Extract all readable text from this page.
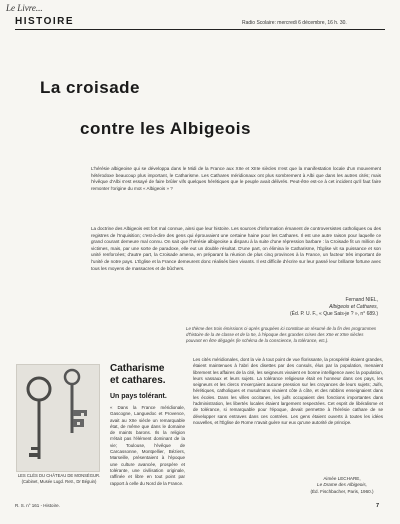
Le Livre...
HISTOIRE	Radio Scolaire: mercredi 6 décembre, 16 h. 30.
La croisade
contre les Albigeois
L'hérésie albigeoise qui se développa dans le Midi de la France aux XIIe et XIIIe siècles n'est que la manifestation locale d'un mouvement hétérodoxe beaucoup plus important, le Catharisme. Les Cathares méridionaux ont plus sombrement à Albi que dans les autres cités; mais l'évêque d'Albi s'est essayé de faire brûler vifs quelques hérétiques que le peuple avait délivrés. Peut-être est-ce à cet incident qu'il faut faire remonter l'origine du mot « Albigeois » ?
La doctrine des Albigeois est fort mal connue, ainsi que leur histoire. Les sources d'information émanent de controversistes catholiques ou des registres de l'Inquisition; c'est-à-dire des gens qui éprouvaient une certaine haine pour les Cathares. Il est une autre raison pour laquelle ce grand courant demeure mal connu. On sait que l'hérésie albigeoise a disparu à la suite d'une répression barbare : la Croisade fit un million de victimes, mais, par une sorte de paradoxe, elle eut un double résultat. D'une part, on élimina le Catharisme, l'Église vit sa puissance et son unité renforcées; d'autre part, la Croisade amena, en préparant la réunion de plus cinq provinces à la France, un facteur très important de l'unité de notre pays. L'Église et la France demeurent donc réalisés bien vivants. Il est difficile d'écrire sur leur passé leur brillante fortune avec tous les moyens de massacres et de bûchers.
Fernand NIEL,
Albigeois et Cathares,
(Éd. P. U. F., « Que Sais-je ? », n° 689.)
Le thème des trois émissions ci-après groupées ici constitue un résumé de la fin des programmes d'histoire de la 4e classe et de la 5e, à l'époque des grandes crises des XIIe et XIIIe siècles pouvant en être dégagés (le schéma de la conscience, la tolérance, etc.).
LES CLÉS DU CHÂTEAU DE MONSÉGUR.
(Cabinet, Musée Lugd. Retr., Dr Béguin)
Catharisme
et cathares.
Un pays tolérant.
« Dans la France méridionale, Gascogne, Languedoc et Provence, avait au XIIe siècle un remarquable état, de même que dans le domaine de maints barons. Ils la religion n'était pas l'élément dominant de la vie; Toulouse, l'évêque de Carcassonne, Montpellier, Béziers, Marseille, présentaient à l'époque une culture avancée, prospère et tolérante, une civilisation originale, raffinée et libre en tout point par rapport à celle du Nord de la France.
Les cités méridionales, dont la vie à tout point de vue florissante, la prospérité étaient grandes, étaient maintenues à l'abri des disettes par des consuls, élus par la population, menaient librement les affaires de la cité, les seigneurs vivaient en bonne intelligence avec la population, leurs vassaux et leurs sujets. La tolérance religieuse était en honneur dans ces pays, les seigneurs et les clercs n'exerçaient aucune pression sur les croyances de leurs sujets; Juifs, hérétiques, catholiques et musulmans vivaient côte à côte, et des rabbins enseignaient dans les écoles. Dans les villes occitanes, les juifs occupaient des fonctions importantes dans l'administration, les libertés locales étaient largement respectées. Cet esprit de libéralisme et de tolérance, si remarquable pour l'époque, devait permettre à l'hérésie cathare de se développer sans entraves dans ces contrées. Les gens étaient ouverts à toutes les idées nouvelles, et l'Église de Rome n'avait guère sur eux qu'une autorité de principe.
Aimée LECHARE,
Le Drame des Albigeois,
(Éd. Fischbacher, Paris, 1960.)
R. S. n° 161 - Histoire.	7
